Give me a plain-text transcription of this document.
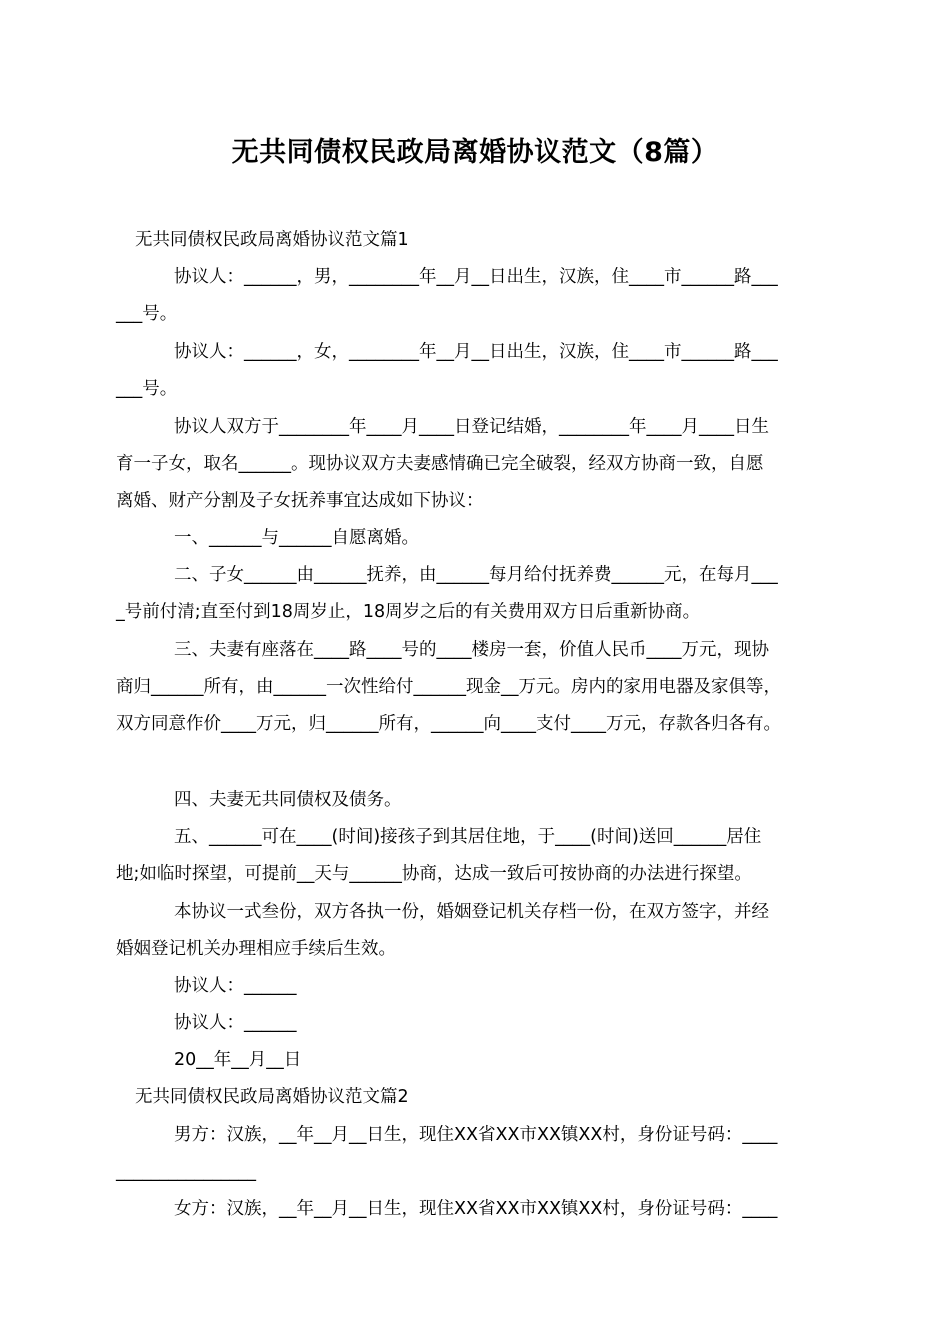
无共同债权民政局离婚协议范文（8篇）
无共同债权民政局离婚协议范文篇1
协议人：______，男，________年__月__日出生，汉族，住____市______路___
___号。
协议人：______，女，________年__月__日出生，汉族，住____市______路___
___号。
协议人双方于________年____月____日登记结婚，________年____月____日生
育一子女，取名______。现协议双方夫妻感情确已完全破裂，经双方协商一致，自愿
离婚、财产分割及子女抚养事宜达成如下协议：
一、______与______自愿离婚。
二、子女______由______抚养，由______每月给付抚养费______元，在每月___
_号前付清;直至付到18周岁止，18周岁之后的有关费用双方日后重新协商。
三、夫妻有座落在____路____号的____楼房一套，价值人民币____万元，现协
商归______所有，由______一次性给付______现金__万元。房内的家用电器及家俱等，
双方同意作价____万元，归______所有，______向____支付____万元，存款各归各有。
四、夫妻无共同债权及债务。
五、______可在____(时间)接孩子到其居住地，于____(时间)送回______居住
地;如临时探望，可提前__天与______协商，达成一致后可按协商的办法进行探望。
本协议一式叁份，双方各执一份，婚姻登记机关存档一份，在双方签字，并经
婚姻登记机关办理相应手续后生效。
协议人：______
协议人：______
20__年__月__日
无共同债权民政局离婚协议范文篇2
男方：汉族，__年__月__日生，现住XX省XX市XX镇XX村，身份证号码：____
________________
女方：汉族，__年__月__日生，现住XX省XX市XX镇XX村，身份证号码：____
